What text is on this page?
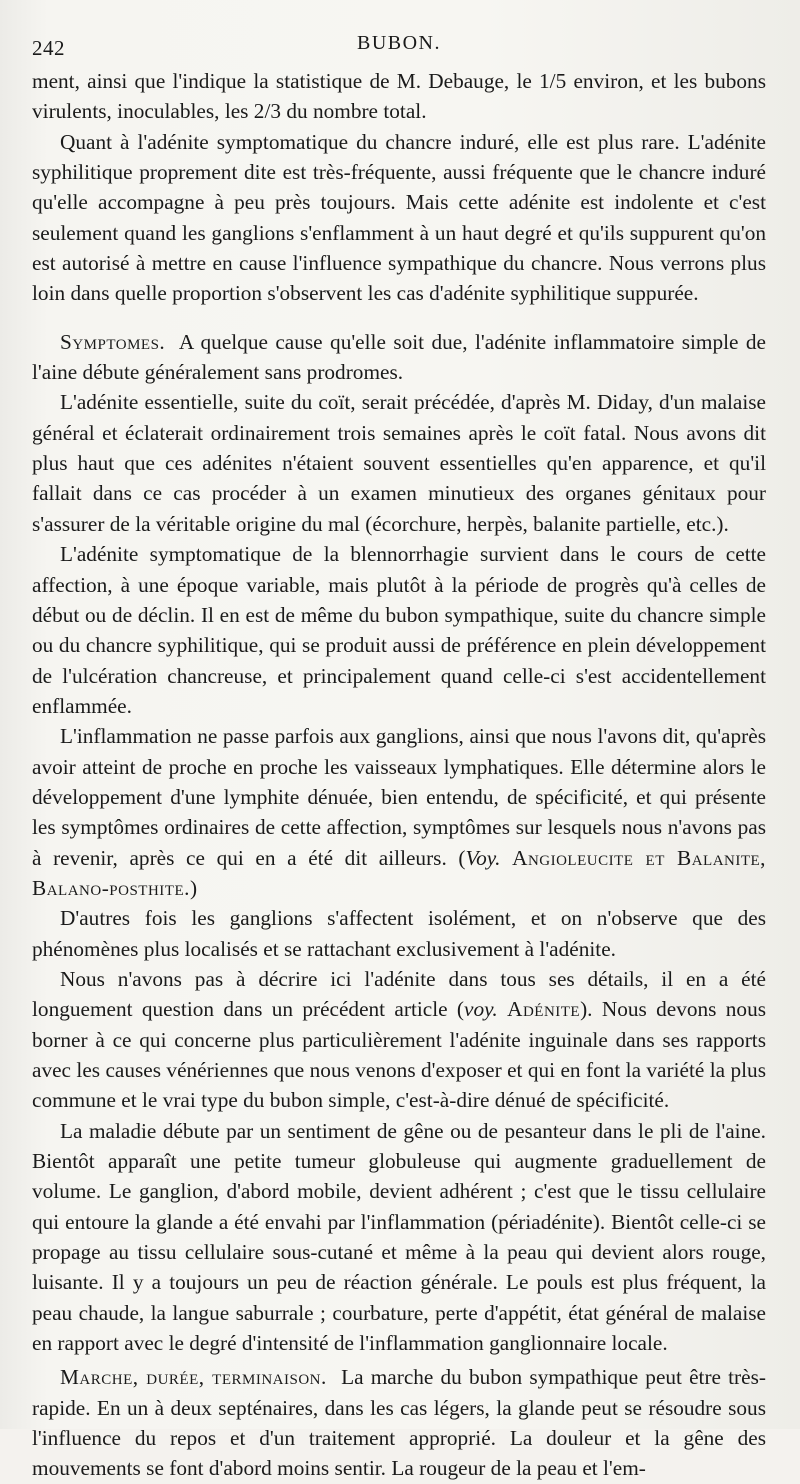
242	BUBON.

ment, ainsi que l'indique la statistique de M. Debauge, le 1/5 environ, et les bubons virulents, inoculables, les 2/3 du nombre total.

Quant à l'adénite symptomatique du chancre induré, elle est plus rare. L'adénite syphilitique proprement dite est très-fréquente, aussi fréquente que le chancre induré qu'elle accompagne à peu près toujours. Mais cette adénite est indolente et c'est seulement quand les ganglions s'enflamment à un haut degré et qu'ils suppurent qu'on est autorisé à mettre en cause l'influence sympathique du chancre. Nous verrons plus loin dans quelle proportion s'observent les cas d'adénite syphilitique suppurée.

Symptomes. A quelque cause qu'elle soit due, l'adénite inflammatoire simple de l'aine débute généralement sans prodromes.

L'adénite essentielle, suite du coït, serait précédée, d'après M. Diday, d'un malaise général et éclaterait ordinairement trois semaines après le coït fatal. Nous avons dit plus haut que ces adénites n'étaient souvent essentielles qu'en apparence, et qu'il fallait dans ce cas procéder à un examen minutieux des organes génitaux pour s'assurer de la véritable origine du mal (écorchure, herpès, balanite partielle, etc.).

L'adénite symptomatique de la blennorrhagie survient dans le cours de cette affection, à une époque variable, mais plutôt à la période de progrès qu'à celles de début ou de déclin. Il en est de même du bubon sympathique, suite du chancre simple ou du chancre syphilitique, qui se produit aussi de préférence en plein développement de l'ulcération chancreuse, et principalement quand celle-ci s'est accidentellement enflammée.

L'inflammation ne passe parfois aux ganglions, ainsi que nous l'avons dit, qu'après avoir atteint de proche en proche les vaisseaux lymphatiques. Elle détermine alors le développement d'une lymphite dénuée, bien entendu, de spécificité, et qui présente les symptômes ordinaires de cette affection, symptômes sur lesquels nous n'avons pas à revenir, après ce qui en a été dit ailleurs. (Voy. Angioleucite et Balanite, Balano-posthite.)

D'autres fois les ganglions s'affectent isolément, et on n'observe que des phénomènes plus localisés et se rattachant exclusivement à l'adénite.

Nous n'avons pas à décrire ici l'adénite dans tous ses détails, il en a été longuement question dans un précédent article (voy. Adénite). Nous devons nous borner à ce qui concerne plus particulièrement l'adénite inguinale dans ses rapports avec les causes vénériennes que nous venons d'exposer et qui en font la variété la plus commune et le vrai type du bubon simple, c'est-à-dire dénué de spécificité.

La maladie débute par un sentiment de gêne ou de pesanteur dans le pli de l'aine. Bientôt apparaît une petite tumeur globuleuse qui augmente graduellement de volume. Le ganglion, d'abord mobile, devient adhérent ; c'est que le tissu cellulaire qui entoure la glande a été envahi par l'inflammation (périadénite). Bientôt celle-ci se propage au tissu cellulaire sous-cutané et même à la peau qui devient alors rouge, luisante. Il y a toujours un peu de réaction générale. Le pouls est plus fréquent, la peau chaude, la langue saburrale ; courbature, perte d'appétit, état général de malaise en rapport avec le degré d'intensité de l'inflammation ganglionnaire locale.

Marche, durée, terminaison. La marche du bubon sympathique peut être très-rapide. En un à deux septénaires, dans les cas légers, la glande peut se résoudre sous l'influence du repos et d'un traitement approprié. La douleur et la gêne des mouvements se font d'abord moins sentir. La rougeur de la peau et l'em-
